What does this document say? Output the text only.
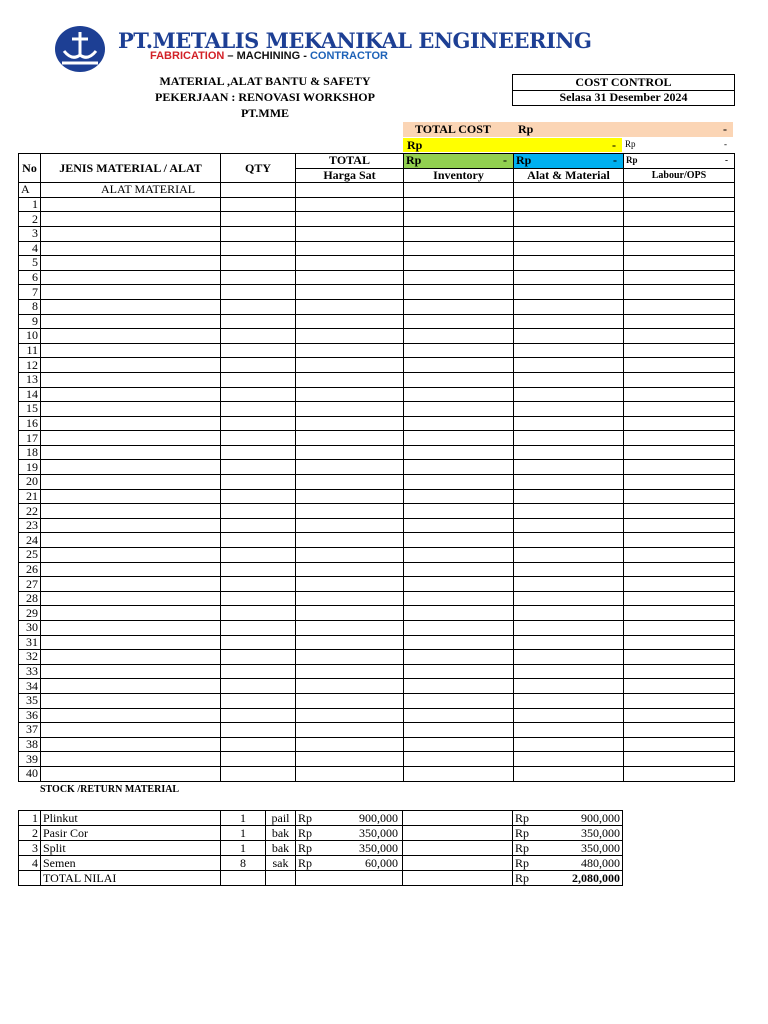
PT.METALIS MEKANIKAL ENGINEERING
FABRICATION – MACHINING - CONTRACTOR
MATERIAL ,ALAT BANTU & SAFETY
PEKERJAAN : RENOVASI WORKSHOP
PT.MME
COST CONTROL
Selasa 31 Desember 2024
TOTAL COST Rp	-
Rp	- Rp	-
No	JENIS MATERIAL / ALAT	QTY	TOTAL	Rp -	Rp -	Rp -

			Harga Sat	Inventory	Alat & Material	Labour/OPS
A	ALAT MATERIAL					
1						
2						
3						
4						
5						
6						
7						
8						
9						
10						
11						
12						
13						
14						
15						
16						
17						
18						
19						
20						
21						
22						
23						
24						
25						
26						
27						
28						
29						
30						
31						
32						
33						
34						
35						
36						
37						
38						
39						
40						
STOCK /RETURN MATERIAL
1	Plinkut	1	pail	Rp 900,000		Rp 900,000

2	Pasir Cor	1	bak	Rp 350,000		Rp 350,000

3	Split	1	bak	Rp 350,000		Rp 350,000

4	Semen	8	sak	Rp 60,000		Rp 480,000

	TOTAL NILAI					Rp 2,080,000
